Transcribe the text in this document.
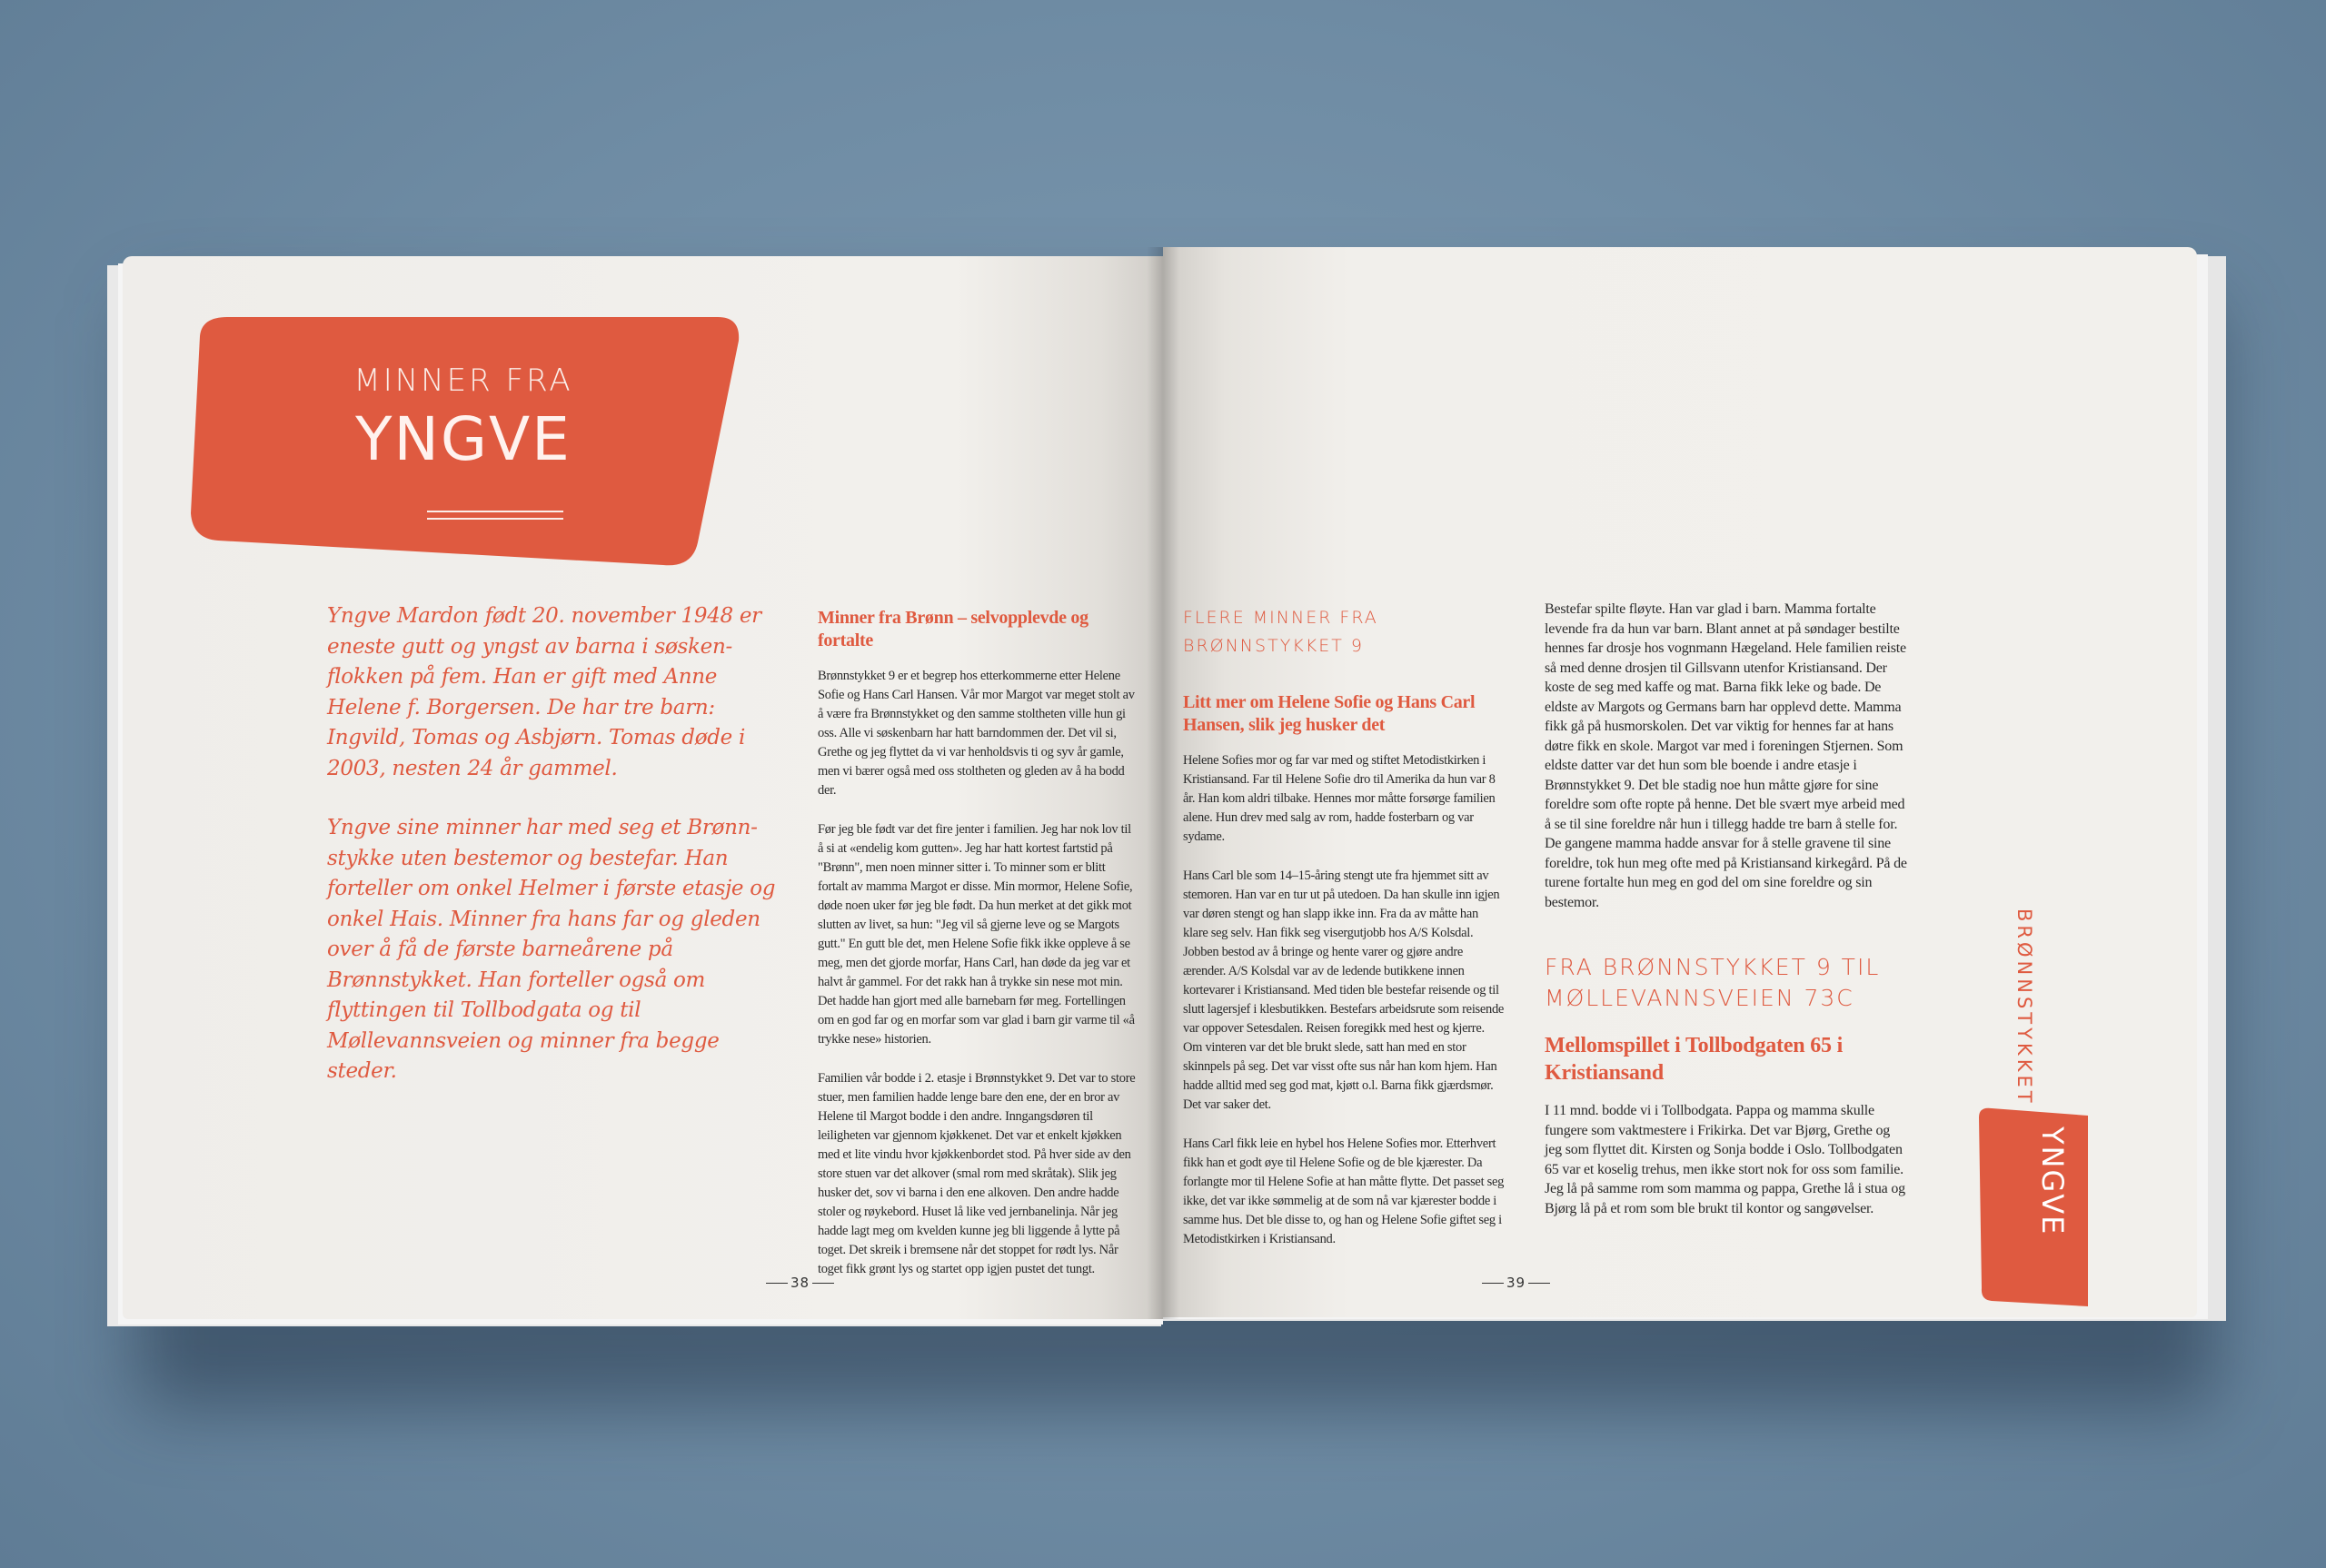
MINNER FRA
YNGVE

Yngve Mardon født 20. november 1948 er eneste gutt og yngst av barna i søsken-flokken på fem. Han er gift med Anne Helene f. Borgersen. De har tre barn: Ingvild, Tomas og Asbjørn. Tomas døde i 2003, nesten 24 år gammel.

Yngve sine minner har med seg et Brønn-stykke uten bestemor og bestefar. Han forteller om onkel Helmer i første etasje og onkel Hais. Minner fra hans far og gleden over å få de første barneårene på Brønnstykket. Han forteller også om flyttingen til Tollbodgata og til Møllevannsveien og minner fra begge steder.

Minner fra Brønn – selvopplevde og fortalte

Brønnstykket 9 er et begrep hos etterkommerne etter Helene Sofie og Hans Carl Hansen. Vår mor Margot var meget stolt av å være fra Brønnstykket og den samme stoltheten ville hun gi oss. Alle vi søskenbarn har hatt barndommen der. Det vil si, Grethe og jeg flyttet da vi var henholdsvis ti og syv år gamle, men vi bærer også med oss stoltheten og gleden av å ha bodd der.

Før jeg ble født var det fire jenter i familien. Jeg har nok lov til å si at «endelig kom gutten». Jeg har hatt kortest fartstid på "Brønn", men noen minner sitter i. To minner som er blitt fortalt av mamma Margot er disse. Min mormor, Helene Sofie, døde noen uker før jeg ble født. Da hun merket at det gikk mot slutten av livet, sa hun: "Jeg vil så gjerne leve og se Margots gutt." En gutt ble det, men Helene Sofie fikk ikke oppleve å se meg, men det gjorde morfar, Hans Carl, han døde da jeg var et halvt år gammel. For det rakk han å trykke sin nese mot min. Det hadde han gjort med alle barnebarn før meg. Fortellingen om en god far og en morfar som var glad i barn gir varme til «å trykke nese» historien.

Familien vår bodde i 2. etasje i Brønnstykket 9. Det var to store stuer, men familien hadde lenge bare den ene, der en bror av Helene til Margot bodde i den andre. Inngangsdøren til leiligheten var gjennom kjøkkenet. Det var et enkelt kjøkken med et lite vindu hvor kjøkkenbordet stod. På hver side av den store stuen var det alkover (smal rom med skråtak). Slik jeg husker det, sov vi barna i den ene alkoven. Den andre hadde stoler og røykebord. Huset lå like ved jernbanelinja. Når jeg hadde lagt meg om kvelden kunne jeg bli liggende å lytte på toget. Det skreik i bremsene når det stoppet for rødt lys. Når toget fikk grønt lys og startet opp igjen pustet det tungt.

FLERE MINNER FRA BRØNNSTYKKET 9
Litt mer om Helene Sofie og Hans Carl Hansen, slik jeg husker det

Helene Sofies mor og far var med og stiftet Metodistkirken i Kristiansand. Far til Helene Sofie dro til Amerika da hun var 8 år. Han kom aldri tilbake. Hennes mor måtte forsørge familien alene. Hun drev med salg av rom, hadde fosterbarn og var sydame.

Hans Carl ble som 14–15-åring stengt ute fra hjemmet sitt av stemoren. Han var en tur ut på utedoen. Da han skulle inn igjen var døren stengt og han slapp ikke inn. Fra da av måtte han klare seg selv. Han fikk seg visergutjobb hos A/S Kolsdal. Jobben bestod av å bringe og hente varer og gjøre andre ærender. A/S Kolsdal var av de ledende butikkene innen kortevarer i Kristiansand. Med tiden ble bestefar reisende og til slutt lagersjef i klesbutikken. Bestefars arbeidsrute som reisende var oppover Setesdalen. Reisen foregikk med hest og kjerre. Om vinteren var det ble brukt slede, satt han med en stor skinnpels på seg. Det var visst ofte sus når han kom hjem. Han hadde alltid med seg god mat, kjøtt o.l. Barna fikk gjærdsmør. Det var saker det.

Hans Carl fikk leie en hybel hos Helene Sofies mor. Etterhvert fikk han et godt øye til Helene Sofie og de ble kjærester. Da forlangte mor til Helene Sofie at han måtte flytte. Det passet seg ikke, det var ikke sømmelig at de som nå var kjærester bodde i samme hus. Det ble disse to, og han og Helene Sofie giftet seg i Metodistkirken i Kristiansand.

Bestefar spilte fløyte. Han var glad i barn. Mamma fortalte levende fra da hun var barn. Blant annet at på søndager bestilte hennes far drosje hos vognmann Hægeland. Hele familien reiste så med denne drosjen til Gillsvann utenfor Kristiansand. Der koste de seg med kaffe og mat. Barna fikk leke og bade. De eldste av Margots og Germans barn har opplevd dette. Mamma fikk gå på husmorskolen. Det var viktig for hennes far at hans døtre fikk en skole. Margot var med i foreningen Stjernen. Som eldste datter var det hun som ble boende i andre etasje i Brønnstykket 9. Det ble stadig noe hun måtte gjøre for sine foreldre som ofte ropte på henne. Det ble svært mye arbeid med å se til sine foreldre når hun i tillegg hadde tre barn å stelle for. De gangene mamma hadde ansvar for å stelle gravene til sine foreldre, tok hun meg ofte med på Kristiansand kirkegård. På de turene fortalte hun meg en god del om sine foreldre og sin bestemor.

FRA BRØNNSTYKKET 9 TIL MØLLEVANNSVEIEN 73C
Mellomspillet i Tollbodgaten 65 i Kristiansand

I 11 mnd. bodde vi i Tollbodgata. Pappa og mamma skulle fungere som vaktmestere i Frikirka. Det var Bjørg, Grethe og jeg som flyttet dit. Kirsten og Sonja bodde i Oslo. Tollbodgaten 65 var et koselig trehus, men ikke stort nok for oss som familie. Jeg lå på samme rom som mamma og pappa, Grethe lå i stua og Bjørg lå på et rom som ble brukt til kontor og sangøvelser.

38	39
BRØNNSTYKKET
YNGVE
